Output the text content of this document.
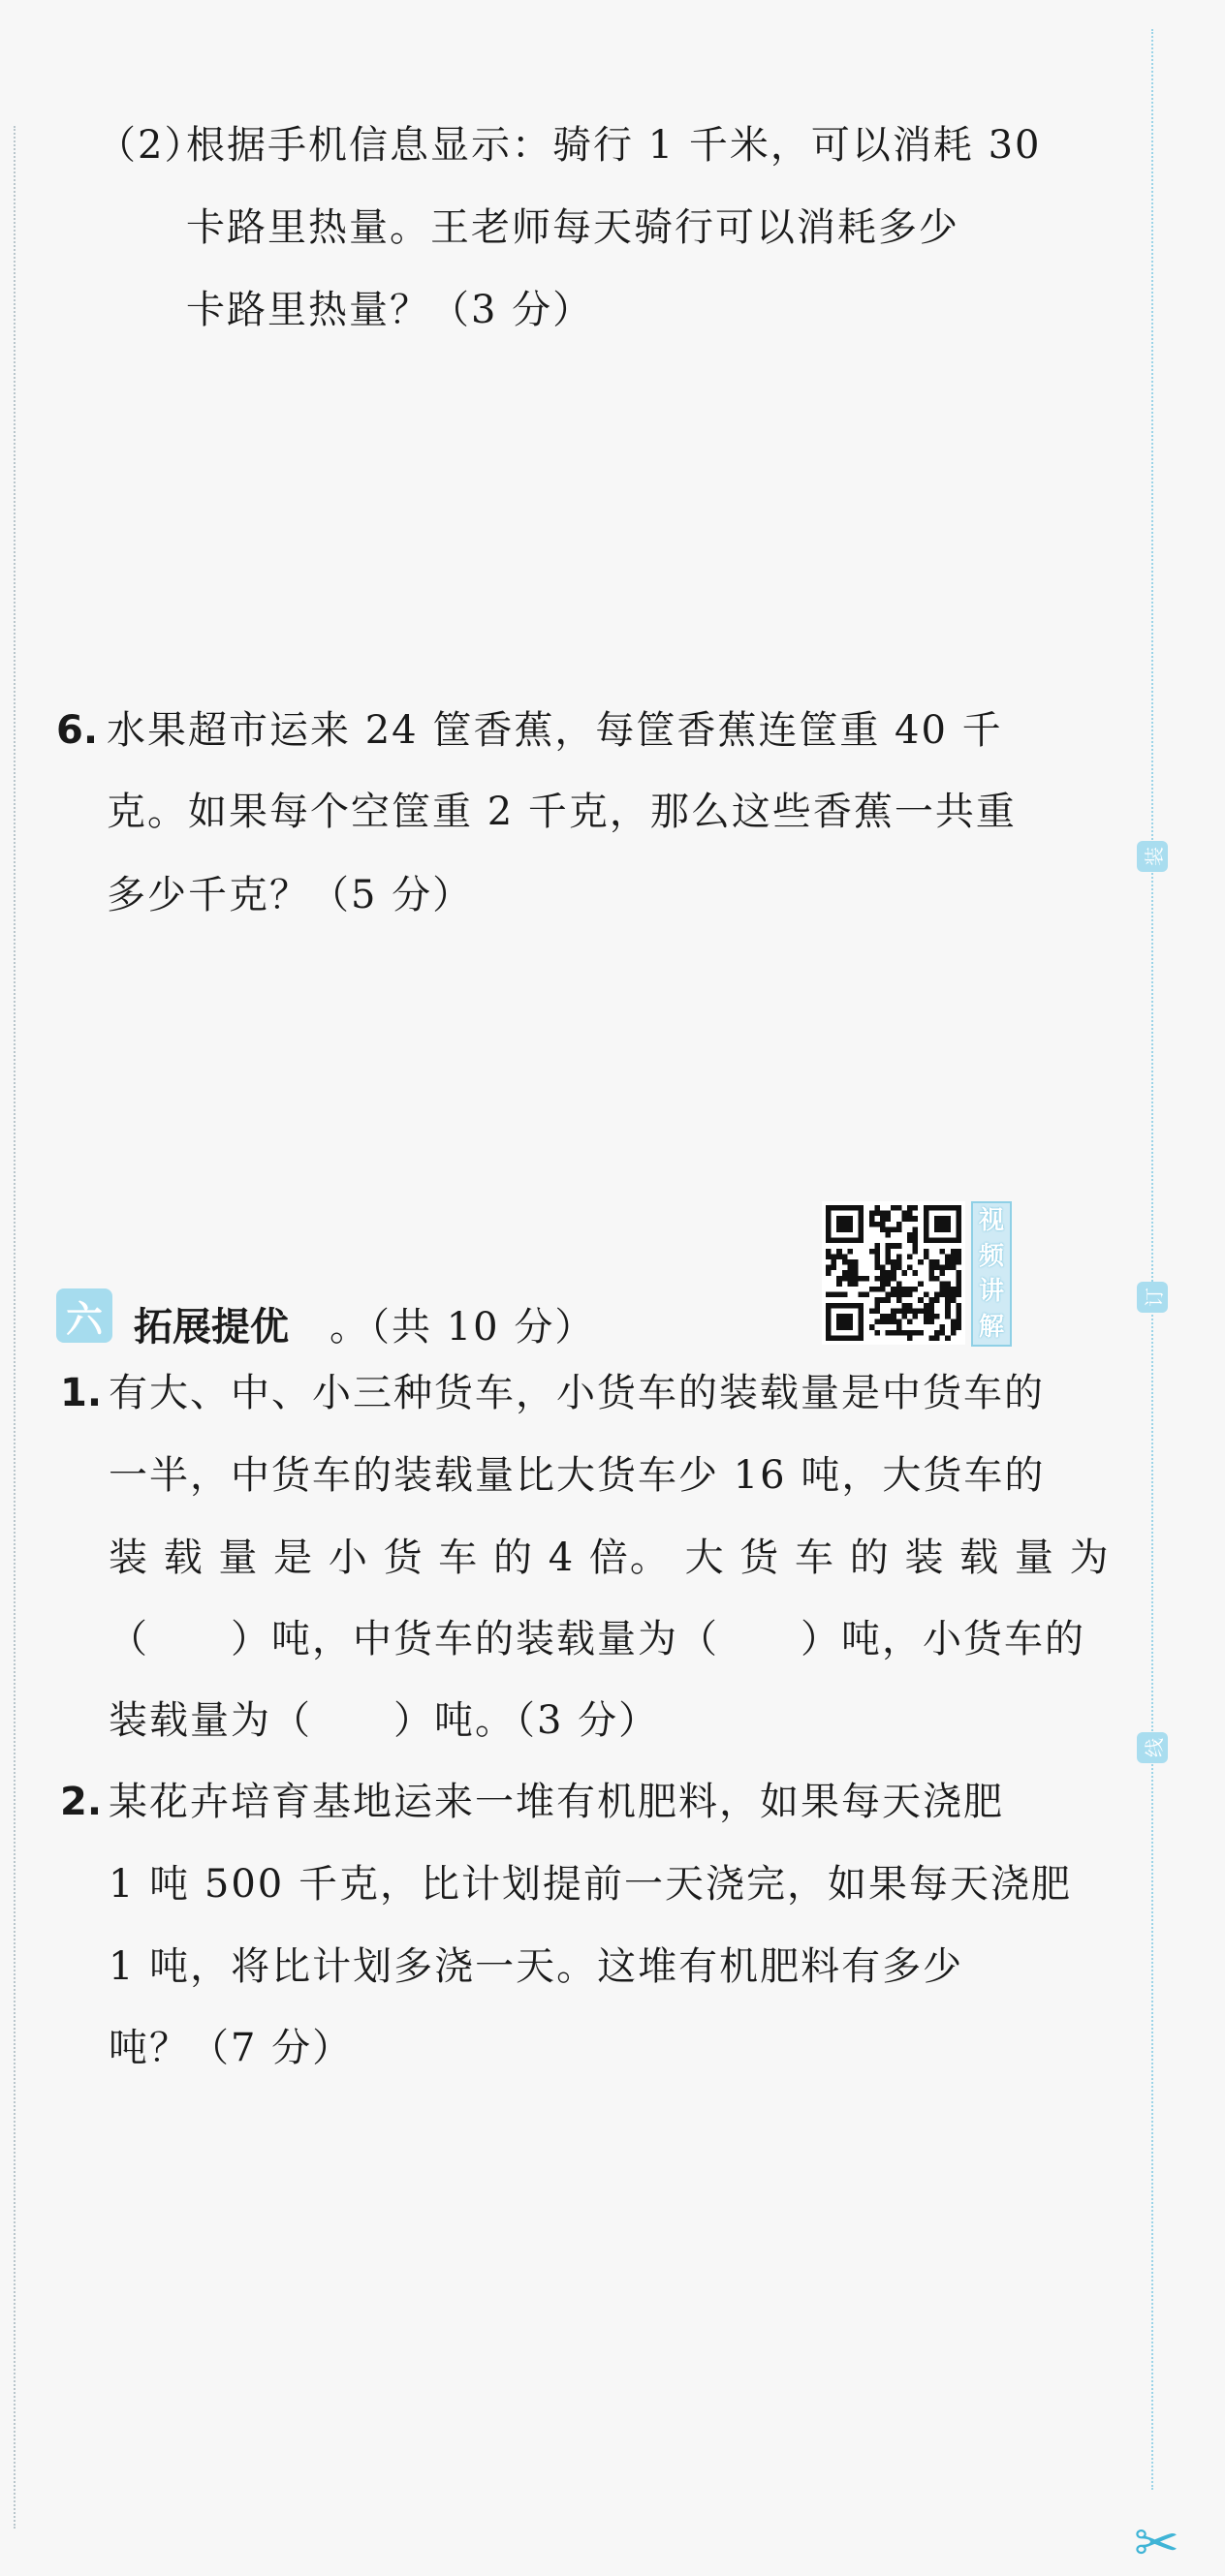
装
订
线
（2）
根据手机信息显示：骑行 1 千米，可以消耗 30
卡路里热量。王老师每天骑行可以消耗多少
卡路里热量？（3 分）
6. 水果超市运来 24 筐香蕉，每筐香蕉连筐重 40 千
克。如果每个空筐重 2 千克，那么这些香蕉一共重
多少千克？（5 分）
六 拓展提优 。（共 10 分）
视
频
讲
解
1. 有大、中、小三种货车，小货车的装载量是中货车的
一半，中货车的装载量比大货车少 16 吨，大货车的
装 载 量 是 小 货 车 的 4 倍。 大 货 车 的 装 载 量 为
（　　）吨，中货车的装载量为（　　）吨，小货车的
装载量为（　　）吨。（3 分）
2. 某花卉培育基地运来一堆有机肥料，如果每天浇肥
1 吨 500 千克，比计划提前一天浇完，如果每天浇肥
1 吨，将比计划多浇一天。这堆有机肥料有多少
吨？（7 分）
✂
